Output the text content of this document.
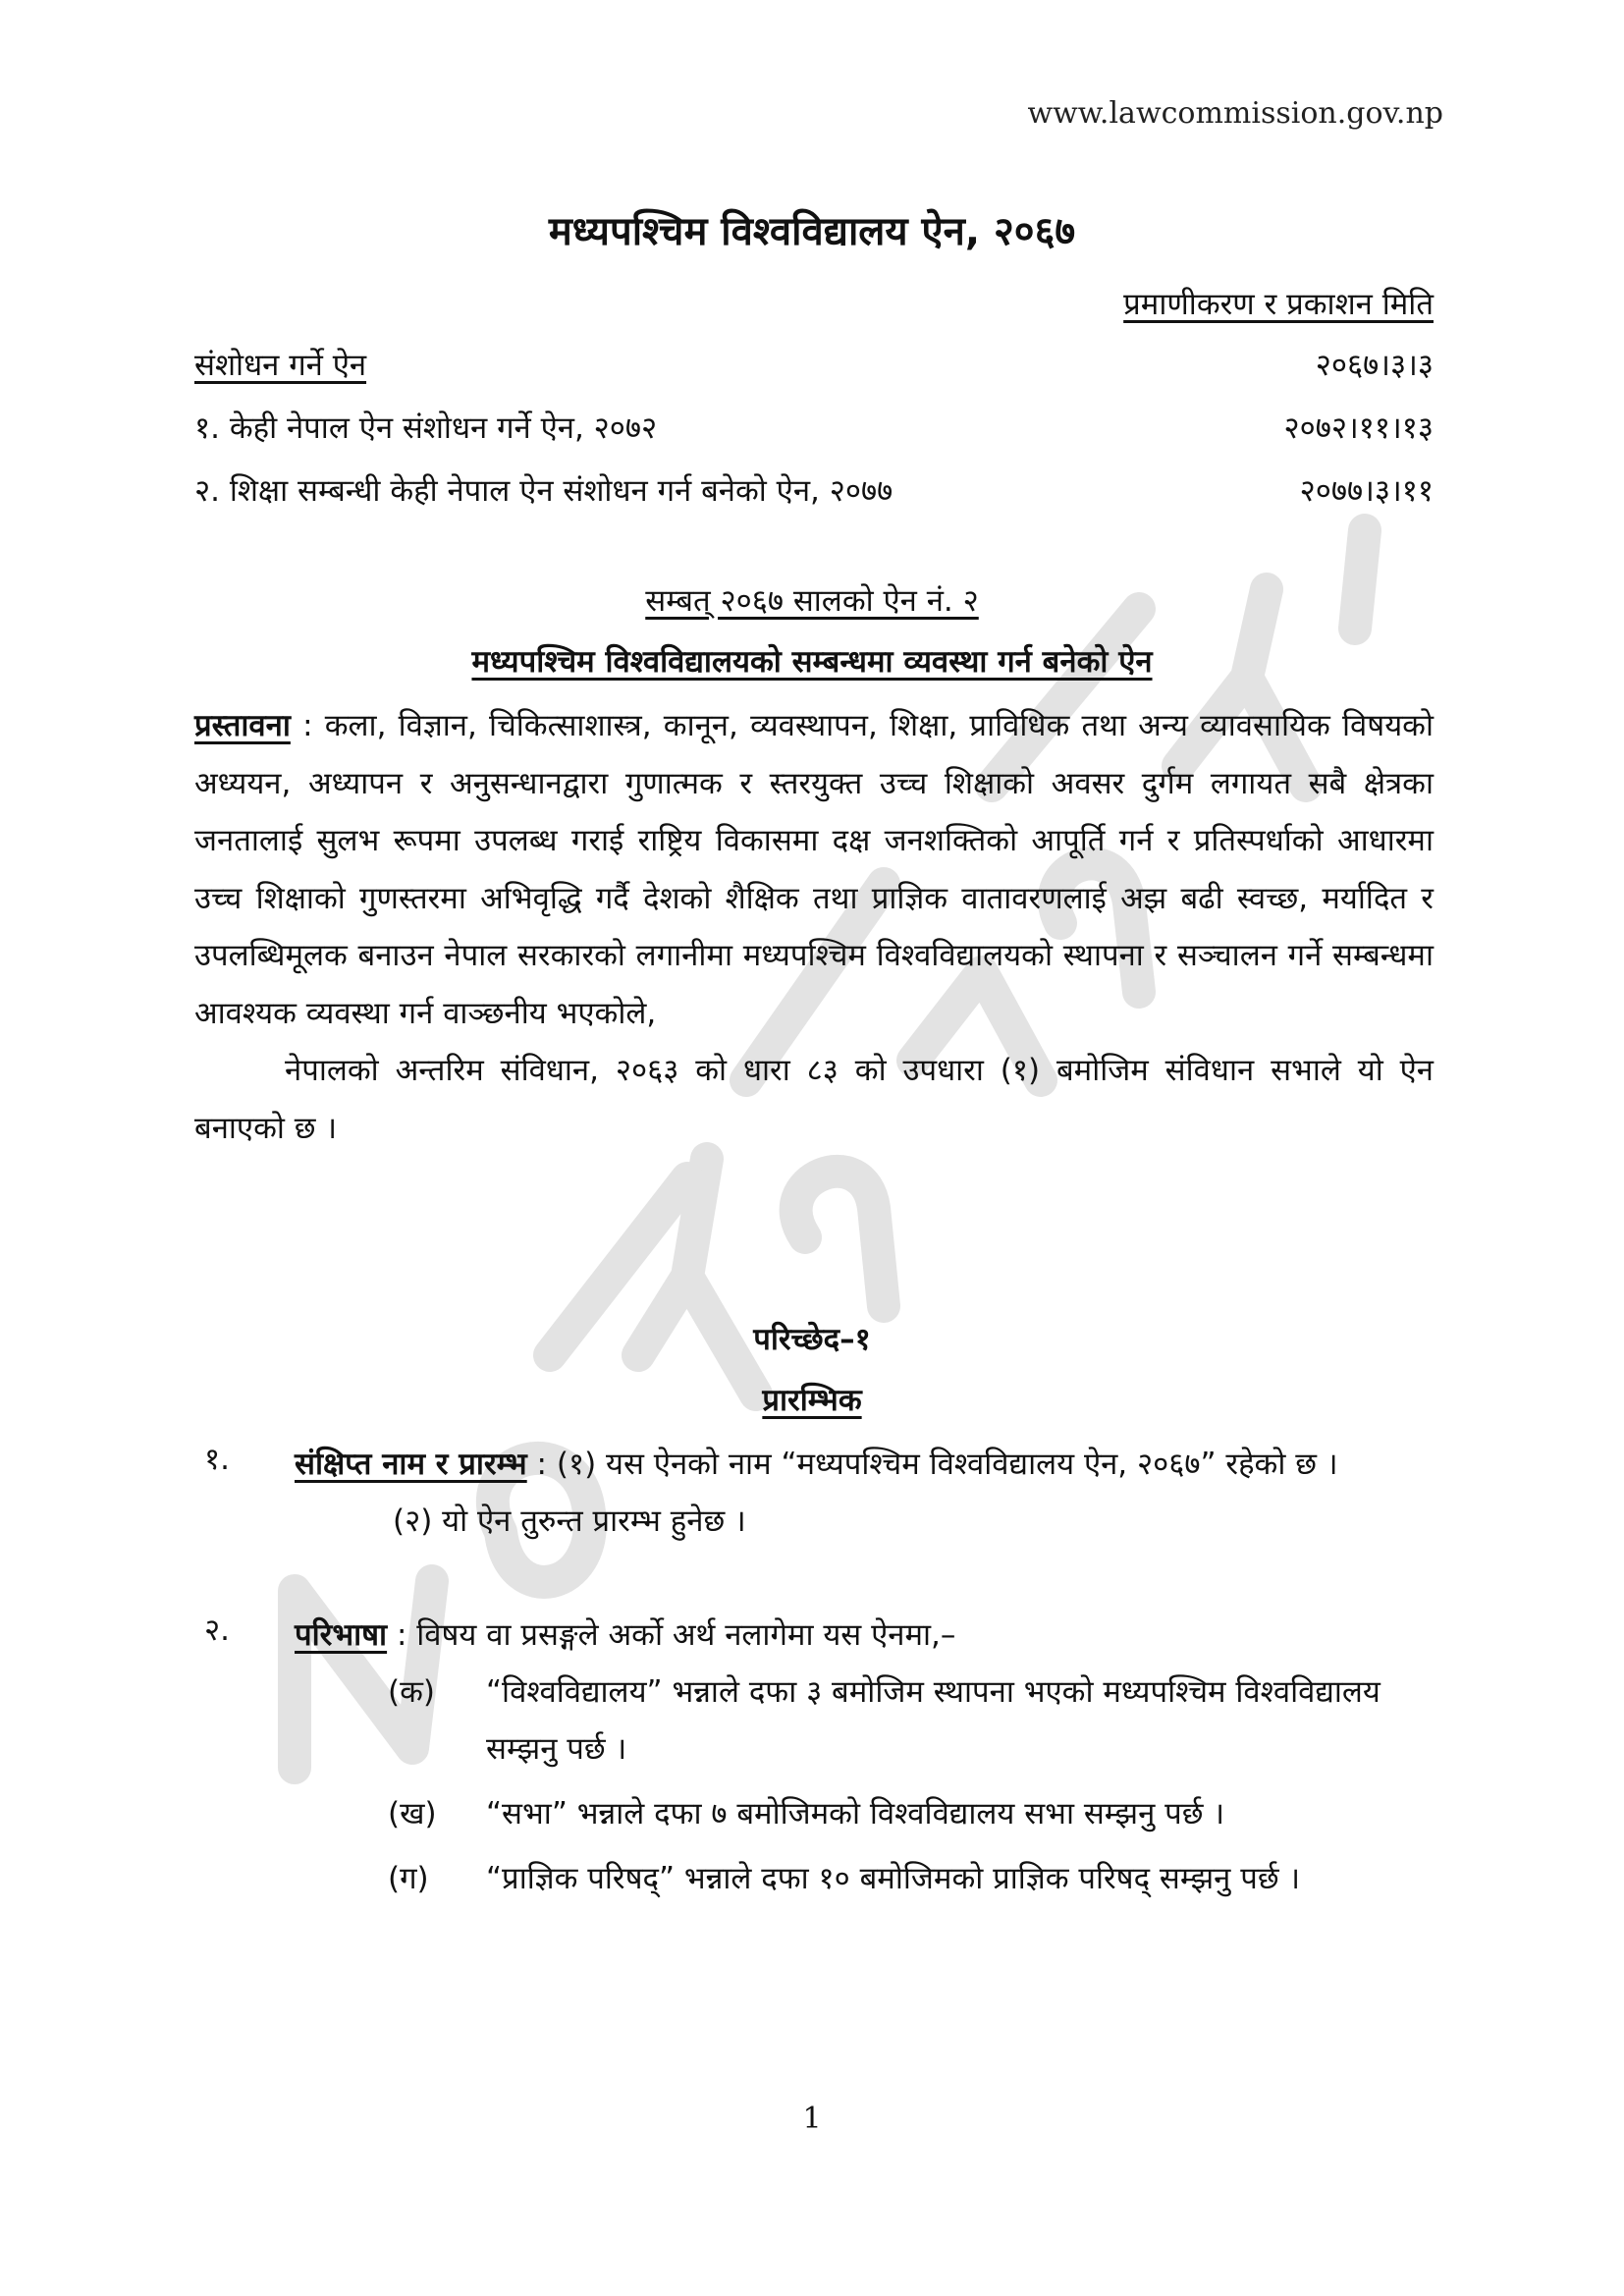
www.lawcommission.gov.np
मध्यपश्चिम विश्वविद्यालय ऐन, २०६७
प्रमाणीकरण र प्रकाशन मिति
संशोधन गर्ने ऐन	२०६७।३।३
१. केही नेपाल ऐन संशोधन गर्ने ऐन, २०७२	२०७२।११।१३
२. शिक्षा सम्बन्धी केही नेपाल ऐन संशोधन गर्न बनेको ऐन, २०७७	२०७७।३।११
सम्बत् २०६७ सालको ऐन नं. २
मध्यपश्चिम विश्वविद्यालयको सम्बन्धमा व्यवस्था गर्न बनेको ऐन

प्रस्तावना : कला, विज्ञान, चिकित्साशास्त्र, कानून, व्यवस्थापन, शिक्षा, प्राविधिक तथा अन्य व्यावसायिक विषयको अध्ययन, अध्यापन र अनुसन्धानद्वारा गुणात्मक र स्तरयुक्त उच्च शिक्षाको अवसर दुर्गम लगायत सबै क्षेत्रका जनतालाई सुलभ रूपमा उपलब्ध गराई राष्ट्रिय विकासमा दक्ष जनशक्तिको आपूर्ति गर्न र प्रतिस्पर्धाको आधारमा उच्च शिक्षाको गुणस्तरमा अभिवृद्धि गर्दै देशको शैक्षिक तथा प्राज्ञिक वातावरणलाई अझ बढी स्वच्छ, मर्यादित र उपलब्धिमूलक बनाउन नेपाल सरकारको लगानीमा मध्यपश्चिम विश्वविद्यालयको स्थापना र सञ्चालन गर्ने सम्बन्धमा आवश्यक व्यवस्था गर्न वाञ्छनीय भएकोले,

नेपालको अन्तरिम संविधान, २०६३ को धारा ८३ को उपधारा (१) बमोजिम संविधान सभाले यो ऐन बनाएको छ ।

परिच्छेद–१
प्रारम्भिक
१. संक्षिप्त नाम र प्रारम्भ : (१) यस ऐनको नाम “मध्यपश्चिम विश्वविद्यालय ऐन, २०६७” रहेको छ ।

(२) यो ऐन तुरुन्त प्रारम्भ हुनेछ ।

२. परिभाषा : विषय वा प्रसङ्गले अर्को अर्थ नलागेमा यस ऐनमा,–

(क) “विश्वविद्यालय” भन्नाले दफा ३ बमोजिम स्थापना भएको मध्यपश्चिम विश्वविद्यालय सम्झनु पर्छ ।

(ख) “सभा” भन्नाले दफा ७ बमोजिमको विश्वविद्यालय सभा सम्झनु पर्छ ।

(ग) “प्राज्ञिक परिषद्” भन्नाले दफा १० बमोजिमको प्राज्ञिक परिषद् सम्झनु पर्छ ।

1
